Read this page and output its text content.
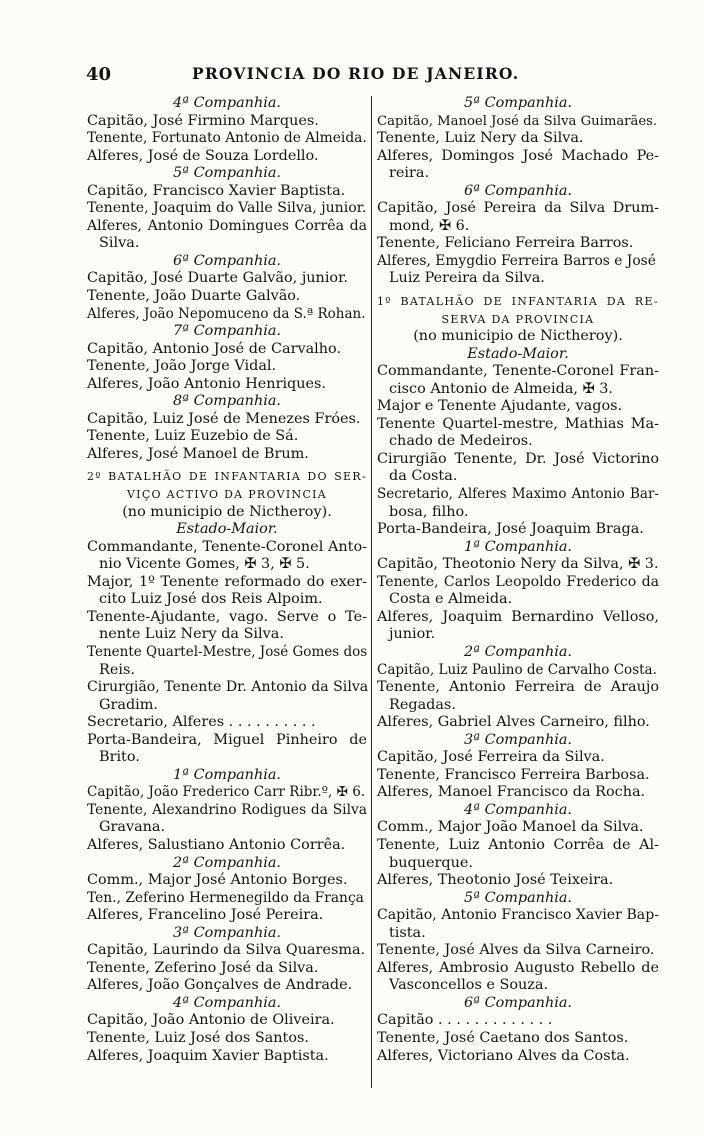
40	PROVINCIA DO RIO DE JANEIRO.
4ª Companhia.
Capitão, José Firmino Marques.
Tenente, Fortunato Antonio de Almeida.
Alferes, José de Souza Lordello.
5ª Companhia.
Capitão, Francisco Xavier Baptista.
Tenente, Joaquim do Valle Silva, junior.
Alferes, Antonio Domingues Corrêa da
Silva.
6ª Companhia.
Capitão, José Duarte Galvão, junior.
Tenente, João Duarte Galvão.
Alferes, João Nepomuceno da S.ª Rohan.
7ª Companhia.
Capitão, Antonio José de Carvalho.
Tenente, João Jorge Vidal.
Alferes, João Antonio Henriques.
8ª Companhia.
Capitão, Luiz José de Menezes Fróes.
Tenente, Luiz Euzebio de Sá.
Alferes, José Manoel de Brum.
2º BATALHÃO DE INFANTARIA DO SER-
VIÇO ACTIVO DA PROVINCIA
(no municipio de Nictheroy).
Estado-Maior.
Commandante, Tenente-Coronel Anto-
nio Vicente Gomes, ✠ 3, ✠ 5.
Major, 1º Tenente reformado do exer-
cito Luiz José dos Reis Alpoim.
Tenente-Ajudante, vago. Serve o Te-
nente Luiz Nery da Silva.
Tenente Quartel-Mestre, José Gomes dos
Reis.
Cirurgião, Tenente Dr. Antonio da Silva
Gradim.
Secretario, Alferes . . . . . . . . . .
Porta-Bandeira, Miguel Pinheiro de
Brito.
1ª Companhia.
Capitão, João Frederico Carr Ribr.º, ✠ 6.
Tenente, Alexandrino Rodigues da Silva
Gravana.
Alferes, Salustiano Antonio Corrêa.
2ª Companhia.
Comm., Major José Antonio Borges.
Ten., Zeferino Hermenegildo da França
Alferes, Francelino José Pereira.
3ª Companhia.
Capitão, Laurindo da Silva Quaresma.
Tenente, Zeferino José da Silva.
Alferes, João Gonçalves de Andrade.
4ª Companhia.
Capitão, João Antonio de Oliveira.
Tenente, Luiz José dos Santos.
Alferes, Joaquim Xavier Baptista.
5ª Companhia.
Capitão, Manoel José da Silva Guimarães.
Tenente, Luiz Nery da Silva.
Alferes, Domingos José Machado Pe-
reira.
6ª Companhia.
Capitão, José Pereira da Silva Drum-
mond, ✠ 6.
Tenente, Feliciano Ferreira Barros.
Alferes, Emygdio Ferreira Barros e José
Luiz Pereira da Silva.
1º BATALHÃO DE INFANTARIA DA RE-
SERVA DA PROVINCIA
(no municipio de Nictheroy).
Estado-Maior.
Commandante, Tenente-Coronel Fran-
cisco Antonio de Almeida, ✠ 3.
Major e Tenente Ajudante, vagos.
Tenente Quartel-mestre, Mathias Ma-
chado de Medeiros.
Cirurgião Tenente, Dr. José Victorino
da Costa.
Secretario, Alferes Maximo Antonio Bar-
bosa, filho.
Porta-Bandeira, José Joaquim Braga.
1ª Companhia.
Capitão, Theotonio Nery da Silva, ✠ 3.
Tenente, Carlos Leopoldo Frederico da
Costa e Almeida.
Alferes, Joaquim Bernardino Velloso,
junior.
2ª Companhia.
Capitão, Luiz Paulino de Carvalho Costa.
Tenente, Antonio Ferreira de Araujo
Regadas.
Alferes, Gabriel Alves Carneiro, filho.
3ª Companhia.
Capitão, José Ferreira da Silva.
Tenente, Francisco Ferreira Barbosa.
Alferes, Manoel Francisco da Rocha.
4ª Companhia.
Comm., Major João Manoel da Silva.
Tenente, Luiz Antonio Corrêa de Al-
buquerque.
Alferes, Theotonio José Teixeira.
5ª Companhia.
Capitão, Antonio Francisco Xavier Bap-
tista.
Tenente, José Alves da Silva Carneiro.
Alferes, Ambrosio Augusto Rebello de
Vasconcellos e Souza.
6ª Companhia.
Capitão . . . . . . . . . . . . .
Tenente, José Caetano dos Santos.
Alferes, Victoriano Alves da Costa.
